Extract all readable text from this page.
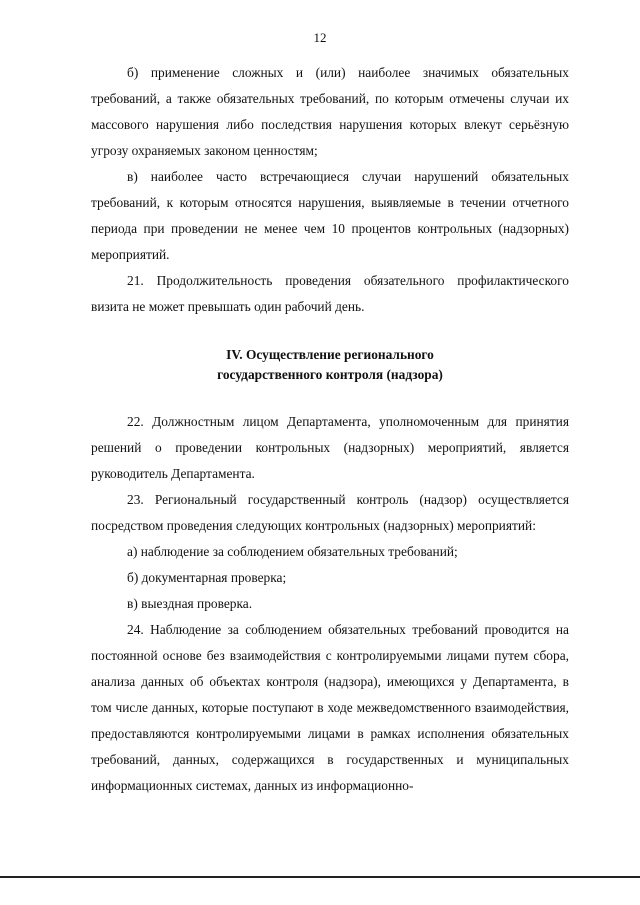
12

б) применение сложных и (или) наиболее значимых обязательных требований, а также обязательных требований, по которым отмечены случаи их массового нарушения либо последствия нарушения которых влекут серьёзную угрозу охраняемых законом ценностям;

в) наиболее часто встречающиеся случаи нарушений обязательных требований, к которым относятся нарушения, выявляемые в течении отчетного периода при проведении не менее чем 10 процентов контрольных (надзорных) мероприятий.

21. Продолжительность проведения обязательного профилактического визита не может превышать один рабочий день.

IV. Осуществление регионального
государственного контроля (надзора)

22. Должностным лицом Департамента, уполномоченным для принятия решений о проведении контрольных (надзорных) мероприятий, является руководитель Департамента.

23. Региональный государственный контроль (надзор) осуществляется посредством проведения следующих контрольных (надзорных) мероприятий:

а) наблюдение за соблюдением обязательных требований;

б) документарная проверка;

в) выездная проверка.

24. Наблюдение за соблюдением обязательных требований проводится на постоянной основе без взаимодействия с контролируемыми лицами путем сбора, анализа данных об объектах контроля (надзора), имеющихся у Департамента, в том числе данных, которые поступают в ходе межведомственного взаимодействия, предоставляются контролируемыми лицами в рамках исполнения обязательных требований, данных, содержащихся в государственных и муниципальных информационных системах, данных из информационно-
